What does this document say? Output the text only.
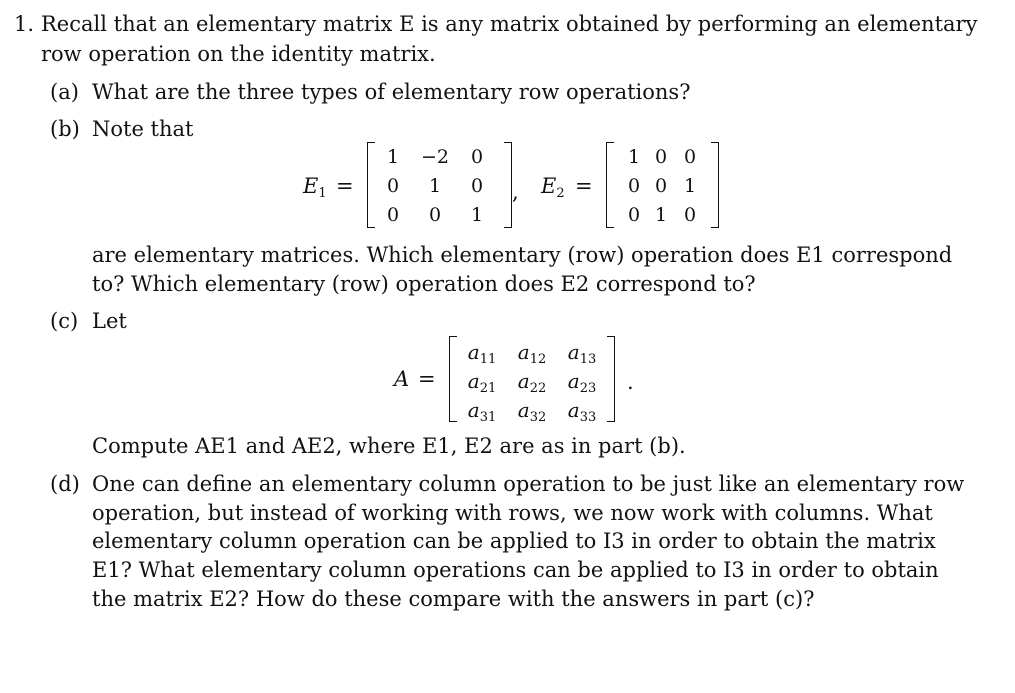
1. Recall that an elementary matrix E is any matrix obtained by performing an elementary
row operation on the identity matrix.
(a) What are the three types of elementary row operations?
(b) Note that
$E_1$ =
1	−2	0
0	1	0
0	0	1
, $E_2$ =
1 0 0
0 0 1
0 1 0
are elementary matrices. Which elementary (row) operation does E1 correspond
to? Which elementary (row) operation does E2 correspond to?
(c) Let
A =
$a_{11}$	$a_{12}$	$a_{13}$
$a_{21}$	$a_{22}$	$a_{23}$
$a_{31}$	$a_{32}$	$a_{33}$
.
Compute AE1 and AE2, where E1, E2 are as in part (b).
(d) One can define an elementary column operation to be just like an elementary row
operation, but instead of working with rows, we now work with columns. What
elementary column operation can be applied to I3 in order to obtain the matrix
E1? What elementary column operations can be applied to I3 in order to obtain
the matrix E2? How do these compare with the answers in part (c)?
